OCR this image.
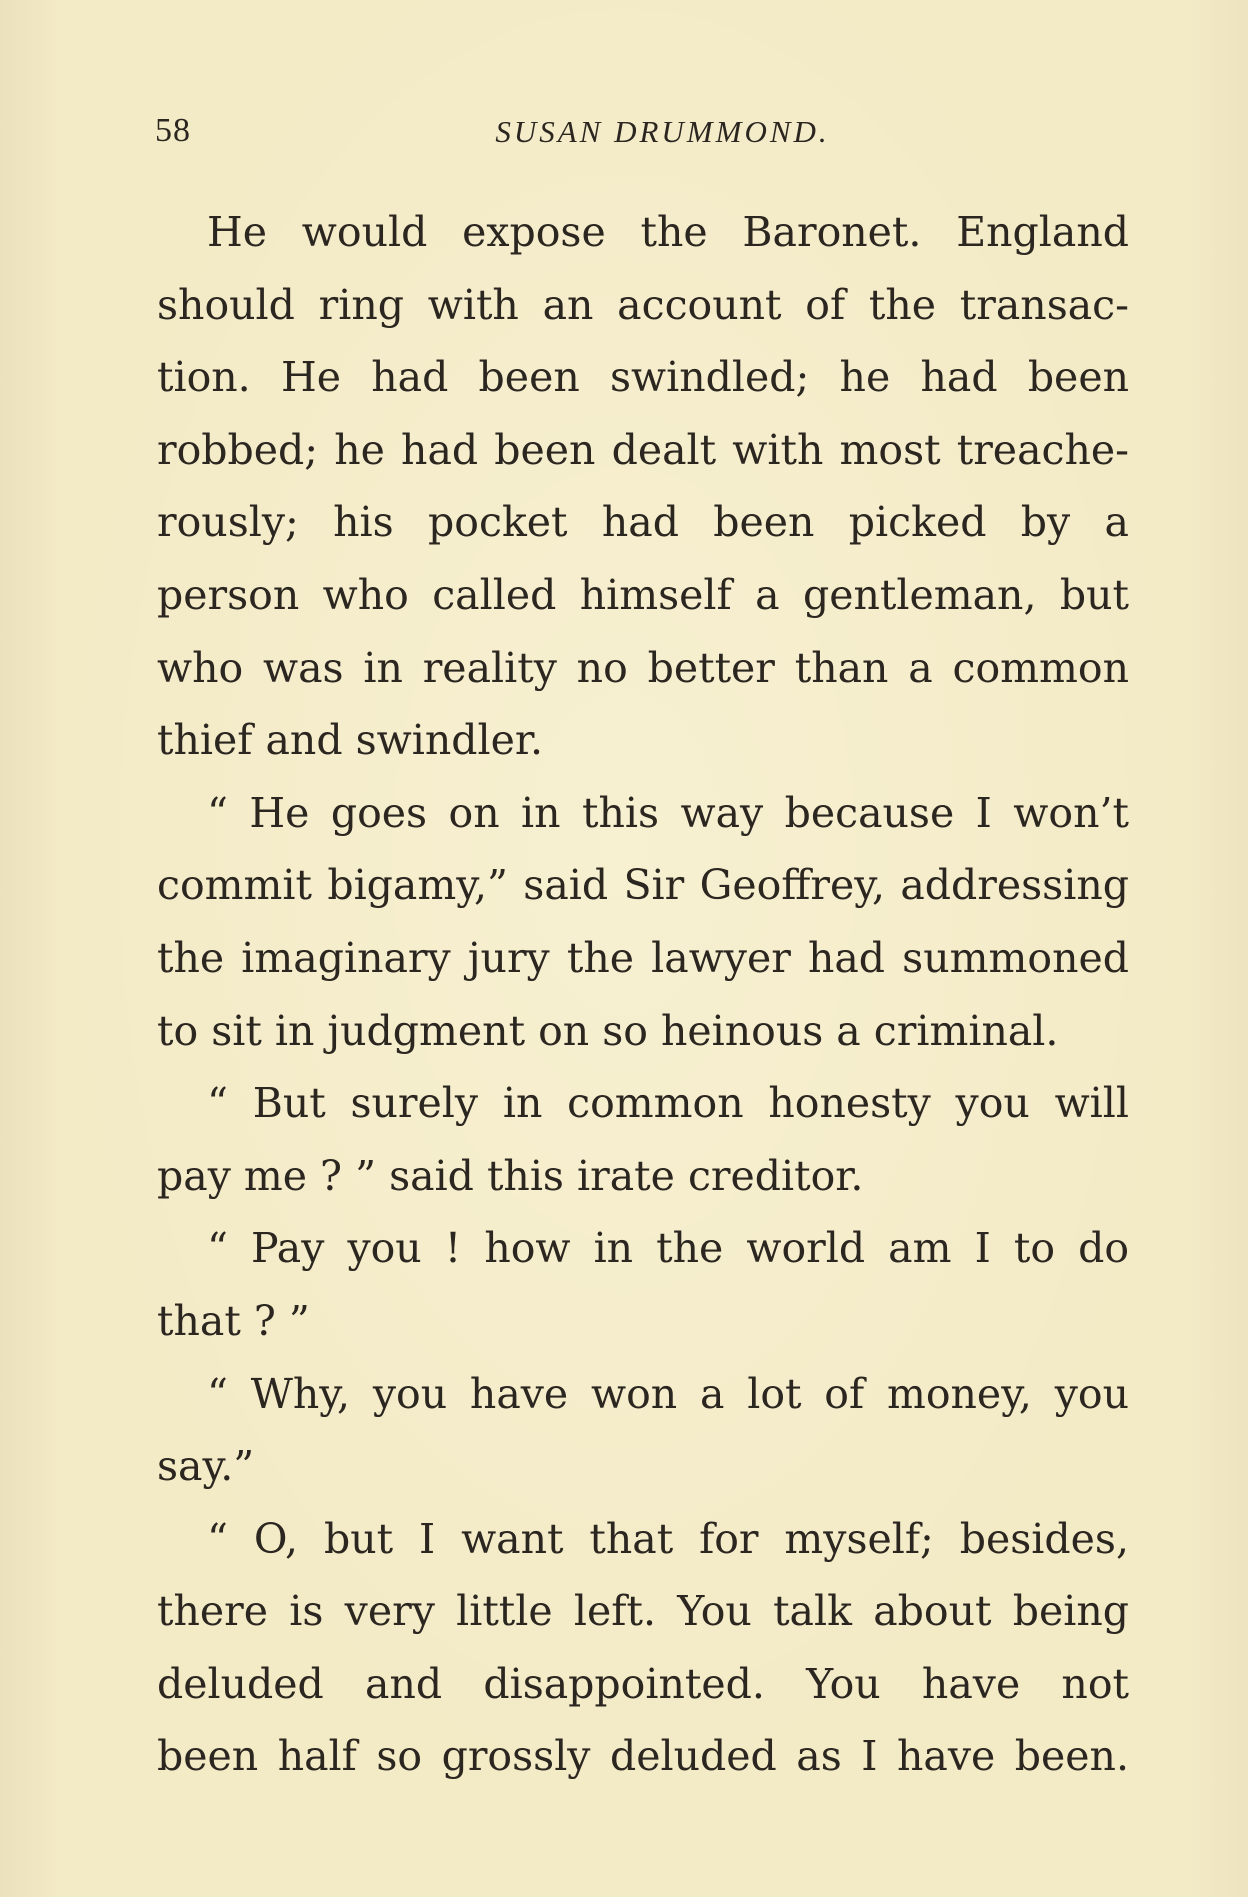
58	SUSAN DRUMMOND.
He would expose the Baronet. England
should ring with an account of the transac-
tion. He had been swindled; he had been
robbed; he had been dealt with most treache-
rously; his pocket had been picked by a
person who called himself a gentleman, but
who was in reality no better than a common
thief and swindler.
“ He goes on in this way because I won’t
commit bigamy,” said Sir Geoffrey, addressing
the imaginary jury the lawyer had summoned
to sit in judgment on so heinous a criminal.
“ But surely in common honesty you will
pay me ? ” said this irate creditor.
“ Pay you ! how in the world am I to do
that ? ”
“ Why, you have won a lot of money, you
say.”
“ O, but I want that for myself; besides,
there is very little left. You talk about being
deluded and disappointed. You have not
been half so grossly deluded as I have been.
